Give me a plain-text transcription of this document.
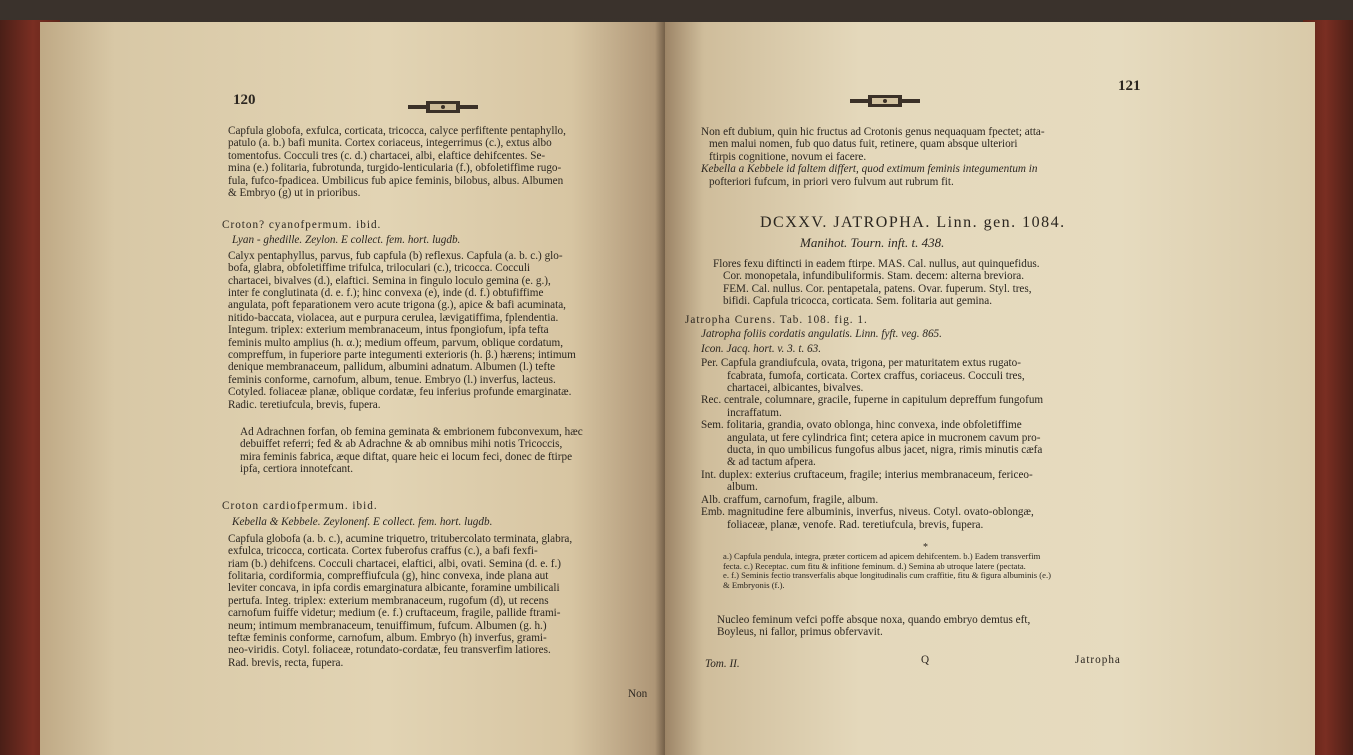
120
Capfula globofa, exfulca, corticata, tricocca, calyce perfiftente pentaphyllo,
patulo (a. b.) bafi munita. Cortex coriaceus, integerrimus (c.), extus albo
tomentofus. Cocculi tres (c. d.) chartacei, albi, elaftice dehifcentes. Se-
mina (e.) folitaria, fubrotunda, turgido-lenticularia (f.), obfoletiffime rugo-
fula, fufco-fpadicea. Umbilicus fub apice feminis, bilobus, albus. Albumen
& Embryo (g) ut in prioribus.
Croton? cyanofpermum. ibid.
Lyan - ghedille. Zeylon. E collect. fem. hort. lugdb.
Calyx pentaphyllus, parvus, fub capfula (b) reflexus. Capfula (a. b. c.) glo-
bofa, glabra, obfoletiffime trifulca, triloculari (c.), tricocca. Cocculi
chartacei, bivalves (d.), elaftici. Semina in fingulo loculo gemina (e. g.),
inter fe conglutinata (d. e. f.); hinc convexa (e), inde (d. f.) obtufiffime
angulata, poft feparationem vero acute trigona (g.), apice & bafi acuminata,
nitido-baccata, violacea, aut e purpura cerulea, lævigatiffima, fplendentia.
Integum. triplex: exterium membranaceum, intus fpongiofum, ipfa tefta
feminis multo amplius (h. α.); medium offeum, parvum, oblique cordatum,
compreffum, in fuperiore parte integumenti exterioris (h. β.) hærens; intimum
denique membranaceum, pallidum, albumini adnatum. Albumen (l.) tefte
feminis conforme, carnofum, album, tenue. Embryo (l.) inverfus, lacteus.
Cotyled. foliaceæ planæ, oblique cordatæ, feu inferius profunde emarginatæ.
Radic. teretiufcula, brevis, fupera.
Ad Adrachnen forfan, ob femina geminata & embrionem fubconvexum, hæc
debuiffet referri; fed & ab Adrachne & ab omnibus mihi notis Tricoccis,
mira feminis fabrica, æque diftat, quare heic ei locum feci, donec de ftirpe
ipfa, certiora innotefcant.
Croton cardiofpermum. ibid.
Kebella & Kebbele. Zeylonenf. E collect. fem. hort. lugdb.
Capfula globofa (a. b. c.), acumine triquetro, tritubercolato terminata, glabra,
exfulca, tricocca, corticata. Cortex fuberofus craffus (c.), a bafi fexfi-
riam (b.) dehifcens. Cocculi chartacei, elaftici, albi, ovati. Semina (d. e. f.)
folitaria, cordiformia, compreffiufcula (g), hinc convexa, inde plana aut
leviter concava, in ipfa cordis emarginatura albicante, foramine umbilicali
pertufa. Integ. triplex: exterium membranaceum, rugofum (d), ut recens
carnofum fuiffe videtur; medium (e. f.) cruftaceum, fragile, pallide ftrami-
neum; intimum membranaceum, tenuiffimum, fufcum. Albumen (g. h.)
teftæ feminis conforme, carnofum, album. Embryo (h) inverfus, grami-
neo-viridis. Cotyl. foliaceæ, rotundato-cordatæ, feu transverfim latiores.
Rad. brevis, recta, fupera.
Non
121
Non eft dubium, quin hic fructus ad Crotonis genus nequaquam fpectet; atta-
men malui nomen, fub quo datus fuit, retinere, quam absque ulteriori
ftirpis cognitione, novum ei facere.
Kebella a Kebbele id faltem differt, quod extimum feminis integumentum in
pofteriori fufcum, in priori vero fulvum aut rubrum fit.
DCXXV. JATROPHA. Linn. gen. 1084.
Manihot. Tourn. inft. t. 438.
Flores fexu diftincti in eadem ftirpe. MAS. Cal. nullus, aut quinquefidus.
Cor. monopetala, infundibuliformis. Stam. decem: alterna breviora.
FEM. Cal. nullus. Cor. pentapetala, patens. Ovar. fuperum. Styl. tres,
bifidi. Capfula tricocca, corticata. Sem. folitaria aut gemina.
Jatropha Curens. Tab. 108. fig. 1.
Jatropha foliis cordatis angulatis. Linn. fyft. veg. 865.
Icon. Jacq. hort. v. 3. t. 63.
Per. Capfula grandiufcula, ovata, trigona, per maturitatem extus rugato-
fcabrata, fumofa, corticata. Cortex craffus, coriaceus. Cocculi tres,
chartacei, albicantes, bivalves.
Rec. centrale, columnare, gracile, fuperne in capitulum depreffum fungofum
incraffatum.
Sem. folitaria, grandia, ovato oblonga, hinc convexa, inde obfoletiffime
angulata, ut fere cylindrica fint; cetera apice in mucronem cavum pro-
ducta, in quo umbilicus fungofus albus jacet, nigra, rimis minutis cæfa
& ad tactum afpera.
Int. duplex: exterius cruftaceum, fragile; interius membranaceum, fericeo-
album.
Alb. craffum, carnofum, fragile, album.
Emb. magnitudine fere albuminis, inverfus, niveus. Cotyl. ovato-oblongæ,
foliaceæ, planæ, venofe. Rad. teretiufcula, brevis, fupera.
*
a.) Capfula pendula, integra, præter corticem ad apicem dehifcentem. b.) Eadem transverfim
fecta. c.) Receptac. cum fitu & infitione feminum. d.) Semina ab utroque latere (pectata.
e. f.) Seminis fectio transverfalis abque longitudinalis cum craffitie, fitu & figura albuminis (e.)
& Embryonis (f.).
Nucleo feminum vefci poffe absque noxa, quando embryo demtus eft,
Boyleus, ni fallor, primus obfervavit.
Tom. II.	Q	Jatropha
